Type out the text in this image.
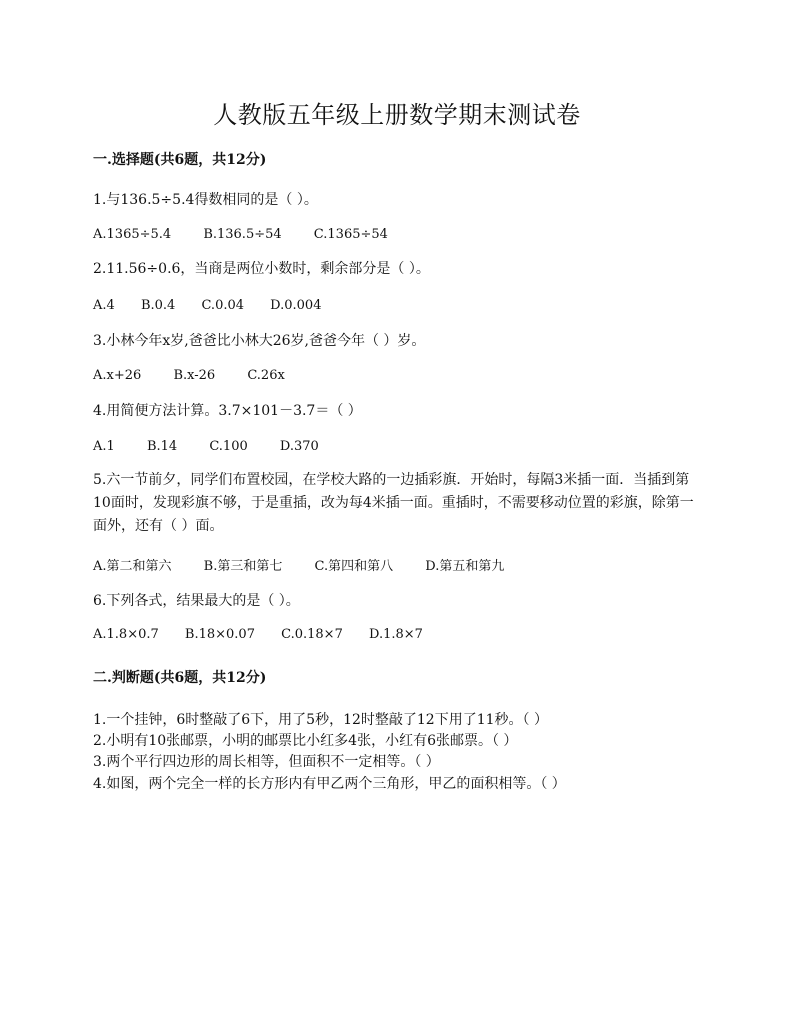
人教版五年级上册数学期末测试卷
一.选择题(共6题，共12分)
1.与136.5÷5.4得数相同的是（ ）。
A.1365÷5.4 B.136.5÷54 C.1365÷54
2.11.56÷0.6，当商是两位小数时，剩余部分是（ ）。
A.4 B.0.4 C.0.04 D.0.004
3.小林今年x岁,爸爸比小林大26岁,爸爸今年（ ）岁。
A.x+26 B.x-26 C.26x
4.用简便方法计算。3.7×101－3.7＝（ ）
A.1 B.14 C.100 D.370
5.六一节前夕，同学们布置校园，在学校大路的一边插彩旗．开始时，每隔3米插一面．当插到第10面时，发现彩旗不够，于是重插，改为每4米插一面。重插时，不需要移动位置的彩旗，除第一面外，还有（ ）面。
A.第二和第六 B.第三和第七 C.第四和第八 D.第五和第九
6.下列各式，结果最大的是（ ）。
A.1.8×0.7 B.18×0.07 C.0.18×7 D.1.8×7
二.判断题(共6题，共12分)
1.一个挂钟，6时整敲了6下，用了5秒，12时整敲了12下用了11秒。（ ）
2.小明有10张邮票，小明的邮票比小红多4张，小红有6张邮票。（ ）
3.两个平行四边形的周长相等，但面积不一定相等。（ ）
4.如图，两个完全一样的长方形内有甲乙两个三角形，甲乙的面积相等。（ ）
